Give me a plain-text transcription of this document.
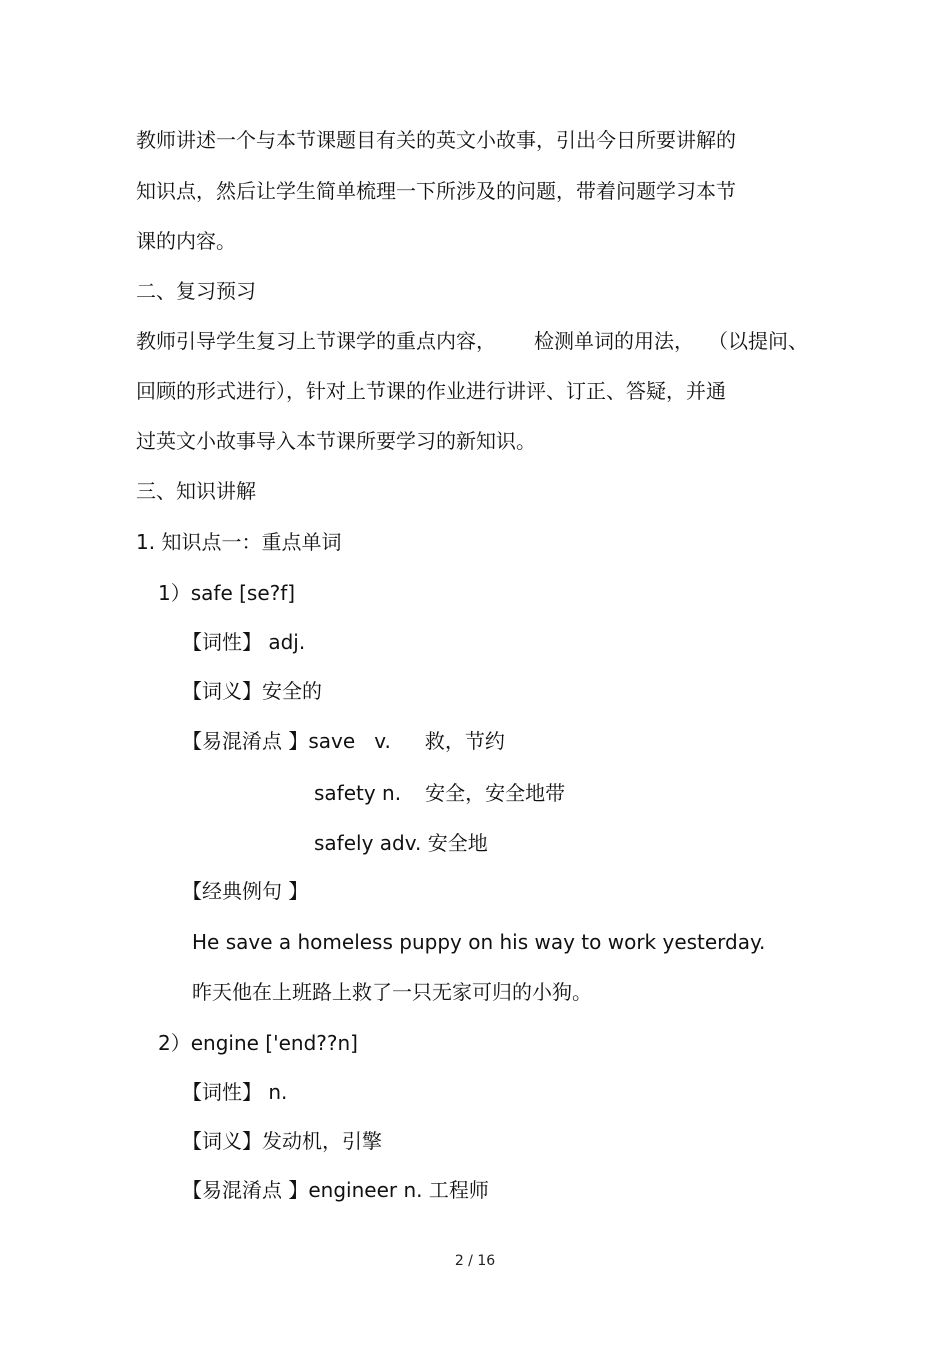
教师讲述一个与本节课题目有关的英文小故事，引出今日所要讲解的

知识点，然后让学生简单梳理一下所涉及的问题，带着问题学习本节

课的内容。

二、复习预习

教师引导学生复习上节课学的重点内容， 检测单词的用法， （以提问、

回顾的形式进行），针对上节课的作业进行讲评、订正、答疑，并通

过英文小故事导入本节课所要学习的新知识。

三、知识讲解

1. 知识点一：重点单词

1）safe [se?f]

【词性】 adj.

【词义】安全的

【易混淆点 】save   v. 救，节约

safety n. 安全，安全地带

safely adv. 安全地

【经典例句 】

He save a homeless puppy on his way to work yesterday.

昨天他在上班路上救了一只无家可归的小狗。

2）engine ['end??n]

【词性】 n.

【词义】发动机，引擎

【易混淆点 】engineer n. 工程师

2 / 16
